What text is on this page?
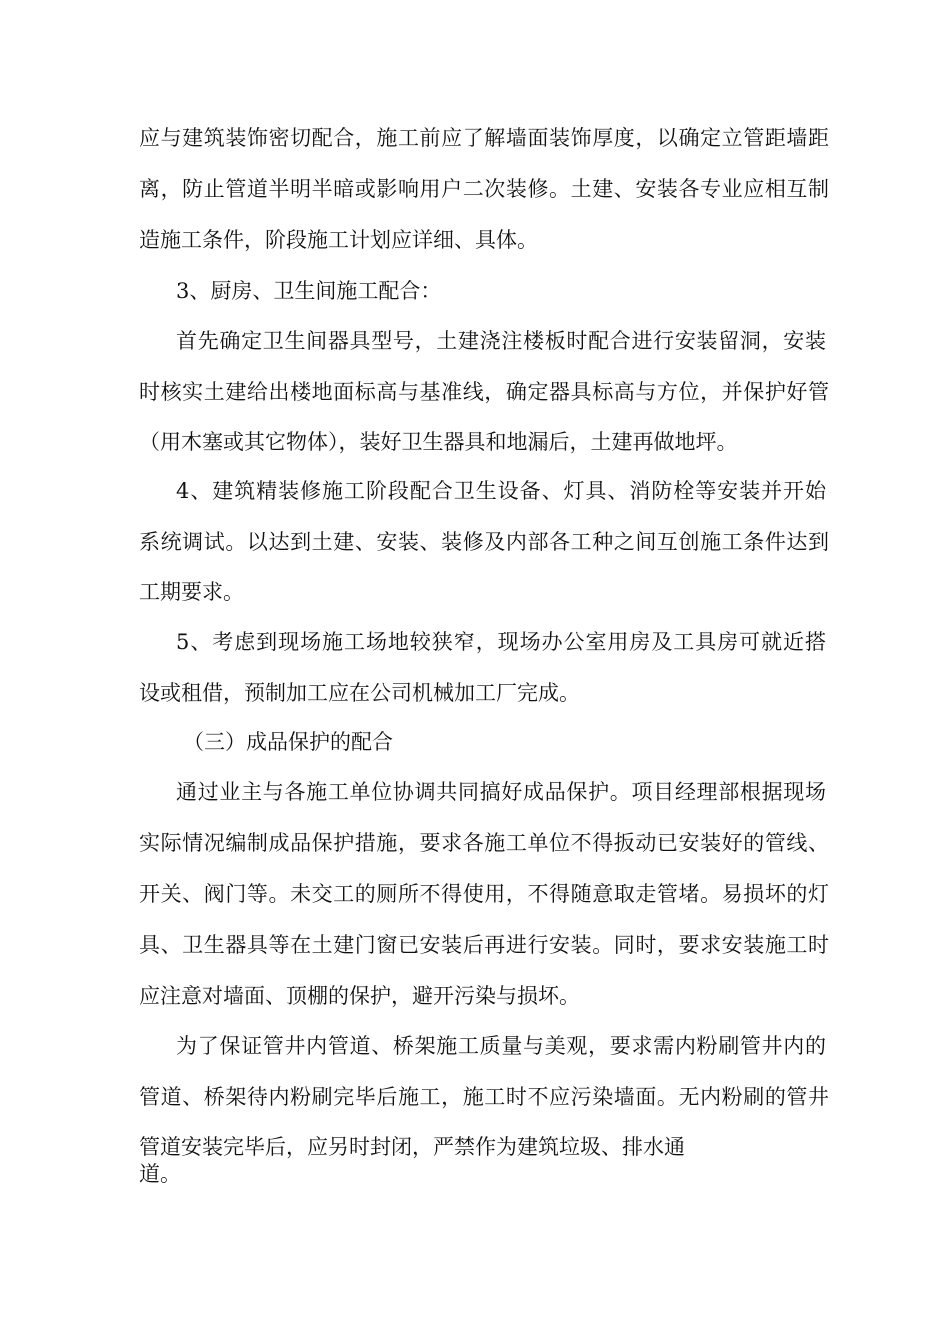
应与建筑装饰密切配合，施工前应了解墙面装饰厚度，以确定立管距墙距
离，防止管道半明半暗或影响用户二次装修。土建、安装各专业应相互制
造施工条件，阶段施工计划应详细、具体。
3、厨房、卫生间施工配合：
首先确定卫生间器具型号，土建浇注楼板时配合进行安装留洞，安装
时核实土建给出楼地面标高与基准线，确定器具标高与方位，并保护好管
（用木塞或其它物体），装好卫生器具和地漏后，土建再做地坪。
4、建筑精装修施工阶段配合卫生设备、灯具、消防栓等安装并开始
系统调试。以达到土建、安装、装修及内部各工种之间互创施工条件达到
工期要求。
5、考虑到现场施工场地较狭窄，现场办公室用房及工具房可就近搭
设或租借，预制加工应在公司机械加工厂完成。
（三）成品保护的配合
通过业主与各施工单位协调共同搞好成品保护。项目经理部根据现场
实际情况编制成品保护措施，要求各施工单位不得扳动已安装好的管线、
开关、阀门等。未交工的厕所不得使用，不得随意取走管堵。易损坏的灯
具、卫生器具等在土建门窗已安装后再进行安装。同时，要求安装施工时
应注意对墙面、顶棚的保护，避开污染与损坏。
为了保证管井内管道、桥架施工质量与美观，要求需内粉刷管井内的
管道、桥架待内粉刷完毕后施工，施工时不应污染墙面。无内粉刷的管井
管道安装完毕后，应另时封闭，严禁作为建筑垃圾、排水通
道。
